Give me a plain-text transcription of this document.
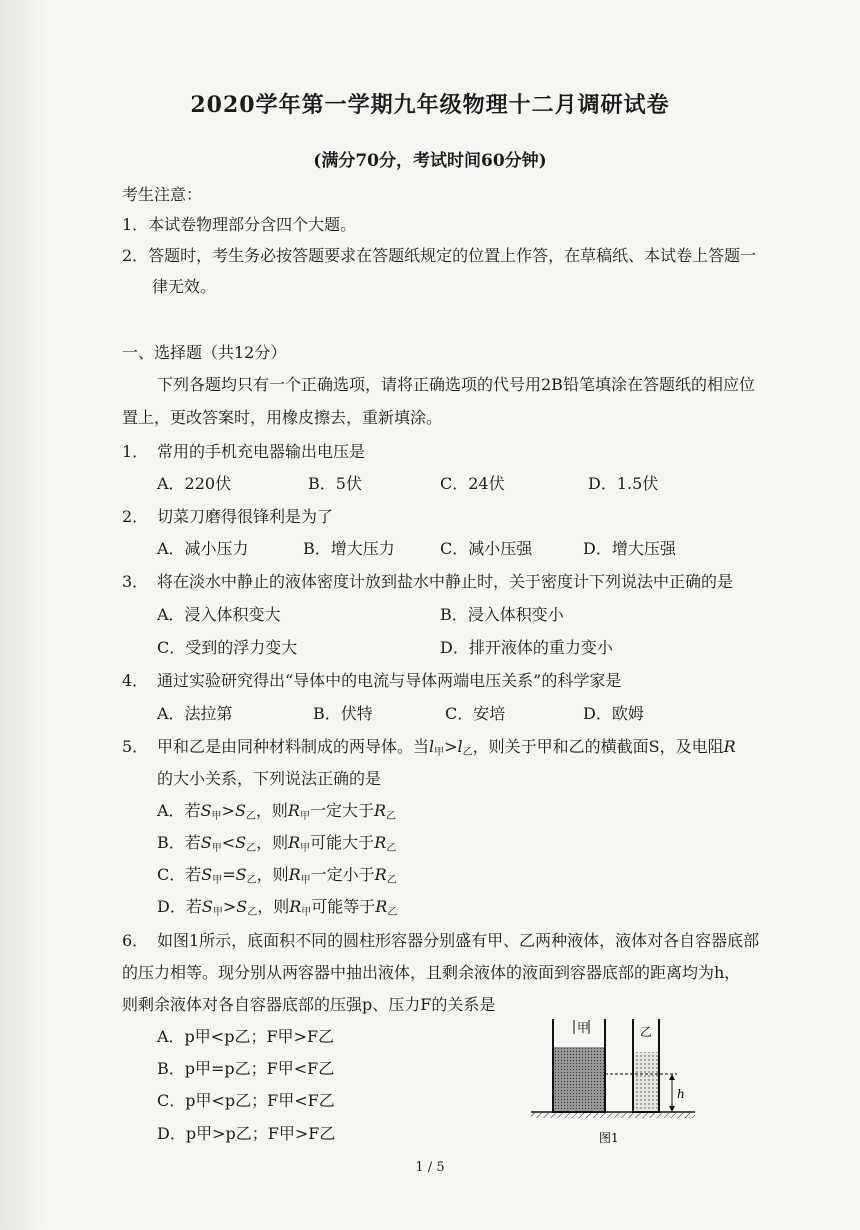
2020学年第一学期九年级物理十二月调研试卷
(满分70分，考试时间60分钟)
考生注意：
1．本试卷物理部分含四个大题。
2．答题时，考生务必按答题要求在答题纸规定的位置上作答，在草稿纸、本试卷上答题一
律无效。
一、选择题（共12分）
下列各题均只有一个正确选项，请将正确选项的代号用2B铅笔填涂在答题纸的相应位
置上，更改答案时，用橡皮擦去，重新填涂。
1． 常用的手机充电器输出电压是
A．220伏	B．5伏	C．24伏	D．1.5伏
2． 切菜刀磨得很锋利是为了
A．减小压力	B．增大压力	C．减小压强	D．增大压强
3． 将在淡水中静止的液体密度计放到盐水中静止时，关于密度计下列说法中正确的是
A．浸入体积变大	B．浸入体积变小
C．受到的浮力变大	D．排开液体的重力变小
4． 通过实验研究得出“导体中的电流与导体两端电压关系”的科学家是
A．法拉第	B．伏特	C．安培	D．欧姆
5． 甲和乙是由同种材料制成的两导体。当$l_甲>l_乙$，则关于甲和乙的横截面S，及电阻R
的大小关系，下列说法正确的是
A．若$S_甲>S_乙$，则$R_甲$一定大于$R_乙$
B．若$S_甲<S_乙$，则$R_甲$可能大于$R_乙$
C．若$S_甲=S_乙$，则$R_甲$一定小于$R_乙$
D．若$S_甲>S_乙$，则$R_甲$可能等于$R_乙$
6． 如图1所示，底面积不同的圆柱形容器分别盛有甲、乙两种液体，液体对各自容器底部
的压力相等。现分别从两容器中抽出液体，且剩余液体的液面到容器底部的距离均为h，
则剩余液体对各自容器底部的压强p、压力F的关系是
A．p甲<p乙；F甲>F乙
B．p甲=p乙；F甲<F乙
C．p甲<p乙；F甲<F乙
D．p甲>p乙；F甲>F乙
甲	乙
h
图1
1 / 5
